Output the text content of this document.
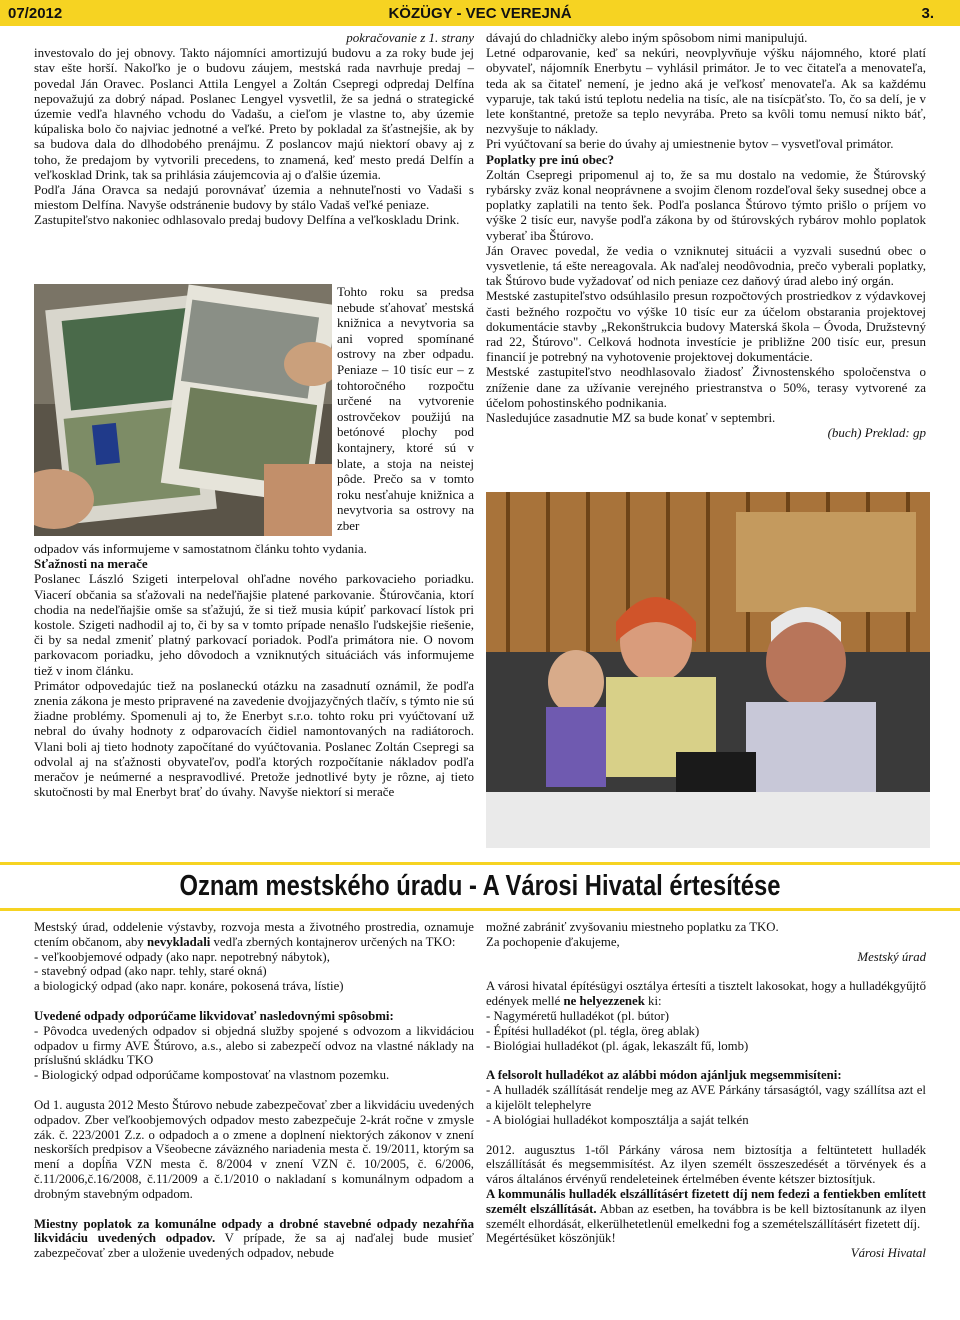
07/2012	KÖZÜGY - VEC VEREJNÁ	3.

pokračovanie z 1. strany

investovalo do jej obnovy. Takto nájomníci amortizujú budovu a za roky bude jej stav ešte horší. Nakoľko je o budovu záujem, mestská rada navrhuje predaj – povedal Ján Oravec. Poslanci Attila Lengyel a Zoltán Csepregi odpredaj Delfína nepovažujú za dobrý nápad. Poslanec Lengyel vysvetlil, že sa jedná o strategické územie vedľa hlavného vchodu do Vadašu, a cieľom je vlastne to, aby územie kúpaliska bolo čo najviac jednotné a veľké. Preto by pokladal za šťastnejšie, ak by sa budova dala do dlhodobého prenájmu. Z poslancov majú niektorí obavy aj z toho, že predajom by vytvorili precedens, to znamená, keď mesto predá Delfín a veľkosklad Drink, tak sa prihlásia záujemcovia aj o ďalšie územia.

Podľa Jána Oravca sa nedajú porovnávať územia a nehnuteľnosti vo Vadaši s miestom Delfína. Navyše odstránenie budovy by stálo Vadaš veľké peniaze.

Zastupiteľstvo nakoniec odhlasovalo predaj budovy Delfína a veľkoskladu Drink.

Tohto roku sa predsa nebude sťahovať mestská knižnica a nevytvoria sa ani vopred spomínané ostrovy na zber odpadu. Peniaze – 10 tisíc eur – z tohtoročného rozpočtu určené na vytvorenie ostrovčekov použijú na betónové plochy pod kontajnery, ktoré sú v blate, a stoja na neistej pôde. Prečo sa v tomto roku nesťahuje knižnica a nevytvoria sa ostrovy na zber

odpadov vás informujeme v samostatnom článku tohto vydania.

Sťažnosti na merače

Poslanec László Szigeti interpeloval ohľadne nového parkovacieho poriadku. Viacerí občania sa sťažovali na nedeľňajšie platené parkovanie. Štúrovčania, ktorí chodia na nedeľňajšie omše sa sťažujú, že si tiež musia kúpiť parkovací lístok pri kostole. Szigeti nadhodil aj to, či by sa v tomto prípade nenašlo ľudskejšie riešenie, či by sa nedal zmeniť platný parkovací poriadok. Podľa primátora nie. O novom parkovacom poriadku, jeho dôvodoch a vzniknutých situáciách vás informujeme tiež v inom článku.

Primátor odpovedajúc tiež na poslaneckú otázku na zasadnutí oznámil, že podľa znenia zákona je mesto pripravené na zavedenie dvojjazyčných tlačív, s týmto nie sú žiadne problémy. Spomenuli aj to, že Enerbyt s.r.o. tohto roku pri vyúčtovaní už nebral do úvahy hodnoty z odparovacích čidiel namontovaných na radiátoroch. Vlani boli aj tieto hodnoty započítané do vyúčtovania. Poslanec Zoltán Csepregi sa odvolal aj na sťažnosti obyvateľov, podľa ktorých rozpočítanie nákladov podľa meračov je neúmerné a nespravodlivé. Pretože jednotlivé byty je rôzne, aj tieto skutočnosti by mal Enerbyt brať do úvahy. Navyše niektorí si merače

dávajú do chladničky alebo iným spôsobom nimi manipulujú.

Letné odparovanie, keď sa nekúri, neovplyvňuje výšku nájomného, ktoré platí obyvateľ, nájomník Enerbytu – vyhlásil primátor. Je to vec čitateľa a menovateľa, teda ak sa čitateľ nemení, je jedno aká je veľkosť menovateľa. Ak sa každému vyparuje, tak takú istú teplotu nedelia na tisíc, ale na tisícpäťsto. To, čo sa delí, je v lete konštantné, pretože sa teplo nevyrába. Preto sa kvôli tomu nemusí nikto báť, nezvyšuje to náklady.

Pri vyúčtovaní sa berie do úvahy aj umiestnenie bytov – vysvetľoval primátor.

Poplatky pre inú obec?

Zoltán Csepregi pripomenul aj to, že sa mu dostalo na vedomie, že Štúrovský rybársky zväz konal neoprávnene a svojim členom rozdeľoval šeky susednej obce a poplatky zaplatili na tento šek. Podľa poslanca Štúrovo týmto prišlo o príjem vo výške 2 tisíc eur, navyše podľa zákona by od štúrovských rybárov mohlo poplatok vyberať iba Štúrovo.

Ján Oravec povedal, že vedia o vzniknutej situácii a vyzvali susednú obec o vysvetlenie, tá ešte nereagovala. Ak naďalej neodôvodnia, prečo vyberali poplatky, tak Štúrovo bude vyžadovať od nich peniaze cez daňový úrad alebo iný orgán.

Mestské zastupiteľstvo odsúhlasilo presun rozpočtových prostriedkov z výdavkovej časti bežného rozpočtu vo výške 10 tisíc eur za účelom obstarania projektovej dokumentácie stavby „Rekonštrukcia budovy Materská škola – Óvoda, Družstevný rad 22, Štúrovo". Celková hodnota investície je približne 200 tisíc eur, presun financií je potrebný na vyhotovenie projektovej dokumentácie.

Mestské zastupiteľstvo neodhlasovalo žiadosť Živnostenského spoločenstva o zníženie dane za užívanie verejného priestranstva o 50%, terasy vytvorené za účelom pohostinského podnikania.

Nasledujúce zasadnutie MZ sa bude konať v septembri.

(buch) Preklad: gp

Oznam mestského úradu - A Városi Hivatal értesítése

Mestský úrad, oddelenie výstavby, rozvoja mesta a životného prostredia, oznamuje ctením občanom, aby nevykladali vedľa zberných kontajnerov určených na TKO:

- veľkoobjemové odpady (ako napr. nepotrebný nábytok),

- stavebný odpad (ako napr. tehly, staré okná)

a biologický odpad (ako napr. konáre, pokosená tráva, lístie)

Uvedené odpady odporúčame likvidovať nasledovnými spôsobmi:

- Pôvodca uvedených odpadov si objedná služby spojené s odvozom a likvidáciou odpadov u firmy AVE Štúrovo, a.s., alebo si zabezpečí odvoz na vlastné náklady na príslušnú skládku TKO

- Biologický odpad odporúčame kompostovať na vlastnom pozemku.

Od 1. augusta 2012 Mesto Štúrovo nebude zabezpečovať zber a likvidáciu uvedených odpadov. Zber veľkoobjemových odpadov mesto zabezpečuje 2-krát ročne v zmysle zák. č. 223/2001 Z.z. o odpadoch a o zmene a doplnení niektorých zákonov v znení neskorších predpisov a Všeobecne záväzného nariadenia mesta č. 19/2011, ktorým sa mení a dopĺňa VZN mesta č. 8/2004 v znení VZN č. 10/2005, č. 6/2006, č.11/2006,č.16/2008, č.11/2009 a č.1/2010 o nakladaní s komunálnym odpadom a drobným stavebným odpadom.

Miestny poplatok za komunálne odpady a drobné stavebné odpady nezahŕňa likvidáciu uvedených odpadov. V prípade, že sa aj naďalej bude musieť zabezpečovať zber a uloženie uvedených odpadov, nebude

možné zabrániť zvyšovaniu miestneho poplatku za TKO.

Za pochopenie ďakujeme,

Mestský úrad

A városi hivatal építésügyi osztálya értesíti a tisztelt lakosokat, hogy a hulladékgyűjtő edények mellé ne helyezzenek ki:

- Nagyméretű hulladékot (pl. bútor)

- Építési hulladékot (pl. tégla, öreg ablak)

- Biológiai hulladékot (pl. ágak, lekaszált fű, lomb)

A felsorolt hulladékot az alábbi módon ajánljuk megsemmisíteni:

- A hulladék szállítását rendelje meg az AVE Párkány társaságtól, vagy szállítsa azt el a kijelölt telephelyre

- A biológiai hulladékot komposztálja a saját telkén

2012. augusztus 1-től Párkány városa nem biztosítja a feltüntetett hulladék elszállítását és megsemmisítést. Az ilyen személt összeszedését a törvények és a város általános érvényű rendeleteinek értelmében évente kétszer biztosítjuk.

A kommunális hulladék elszállításért fizetett díj nem fedezi a fentiekben említett személt elszállítását. Abban az esetben, ha továbbra is be kell biztosítanunk az ilyen személt elhordását, elkerülhetetlenül emelkedni fog a szemételszállításért fizetett díj.

Megértésüket köszönjük!

Városi Hivatal
